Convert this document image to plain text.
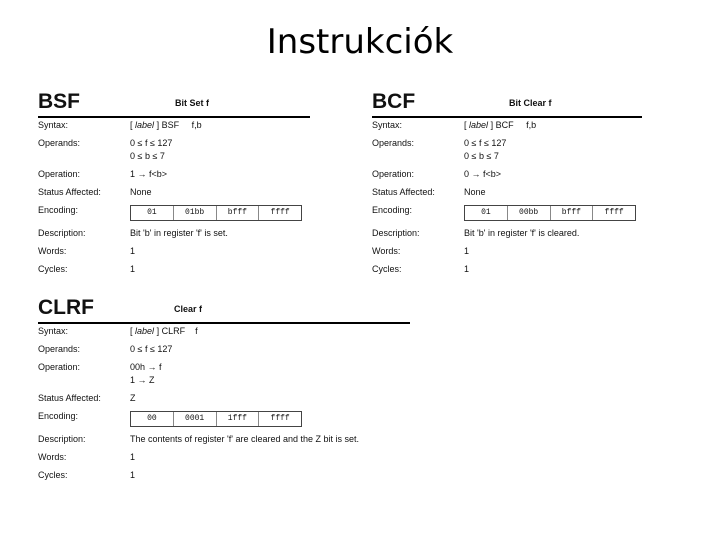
Instrukciók
BSF	Bit Set f
Syntax:	[ label ] BSF     f,b
Operands:	0 ≤ f ≤ 127
0 ≤ b ≤ 7
Operation:	1 → f<b>
Status Affected:	None
Encoding:	01	01bb	bfff	ffff
Description:	Bit 'b' in register 'f' is set.
Words:	1
Cycles:	1
BCF	Bit Clear f
Syntax:	[ label ] BCF     f,b
Operands:	0 ≤ f ≤ 127
0 ≤ b ≤ 7
Operation:	0 → f<b>
Status Affected:	None
Encoding:	01	00bb	bfff	ffff
Description:	Bit 'b' in register 'f' is cleared.
Words:	1
Cycles:	1
CLRF	Clear f
Syntax:	[ label ] CLRF    f
Operands:	0 ≤ f ≤ 127
Operation:	00h → f
1 → Z
Status Affected:	Z
Encoding:	00	0001	1fff	ffff
Description:	The contents of register 'f' are cleared and the Z bit is set.
Words:	1
Cycles:	1
